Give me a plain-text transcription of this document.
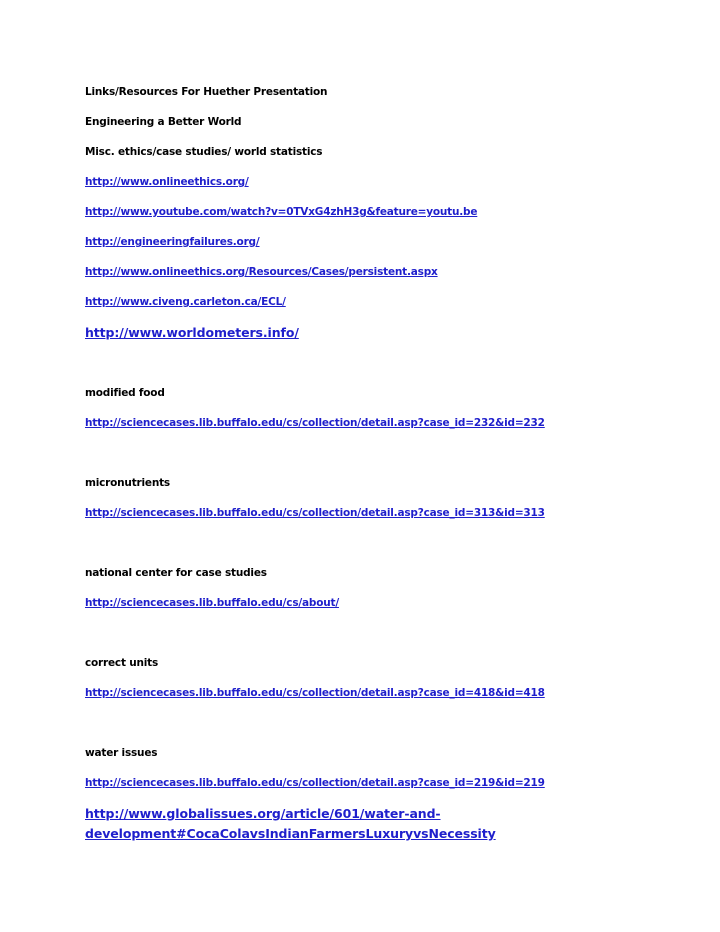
Links/Resources For Huether Presentation
Engineering a Better World
Misc. ethics/case studies/ world statistics
http://www.onlineethics.org/
http://www.youtube.com/watch?v=0TVxG4zhH3g&feature=youtu.be
http://engineeringfailures.org/
http://www.onlineethics.org/Resources/Cases/persistent.aspx
http://www.civeng.carleton.ca/ECL/
http://www.worldometers.info/
modified food
http://sciencecases.lib.buffalo.edu/cs/collection/detail.asp?case_id=232&id=232
micronutrients
http://sciencecases.lib.buffalo.edu/cs/collection/detail.asp?case_id=313&id=313
national center for case studies
http://sciencecases.lib.buffalo.edu/cs/about/
correct units
http://sciencecases.lib.buffalo.edu/cs/collection/detail.asp?case_id=418&id=418
water issues
http://sciencecases.lib.buffalo.edu/cs/collection/detail.asp?case_id=219&id=219
http://www.globalissues.org/article/601/water-and-
development#CocaColavsIndianFarmersLuxuryvsNecessity
